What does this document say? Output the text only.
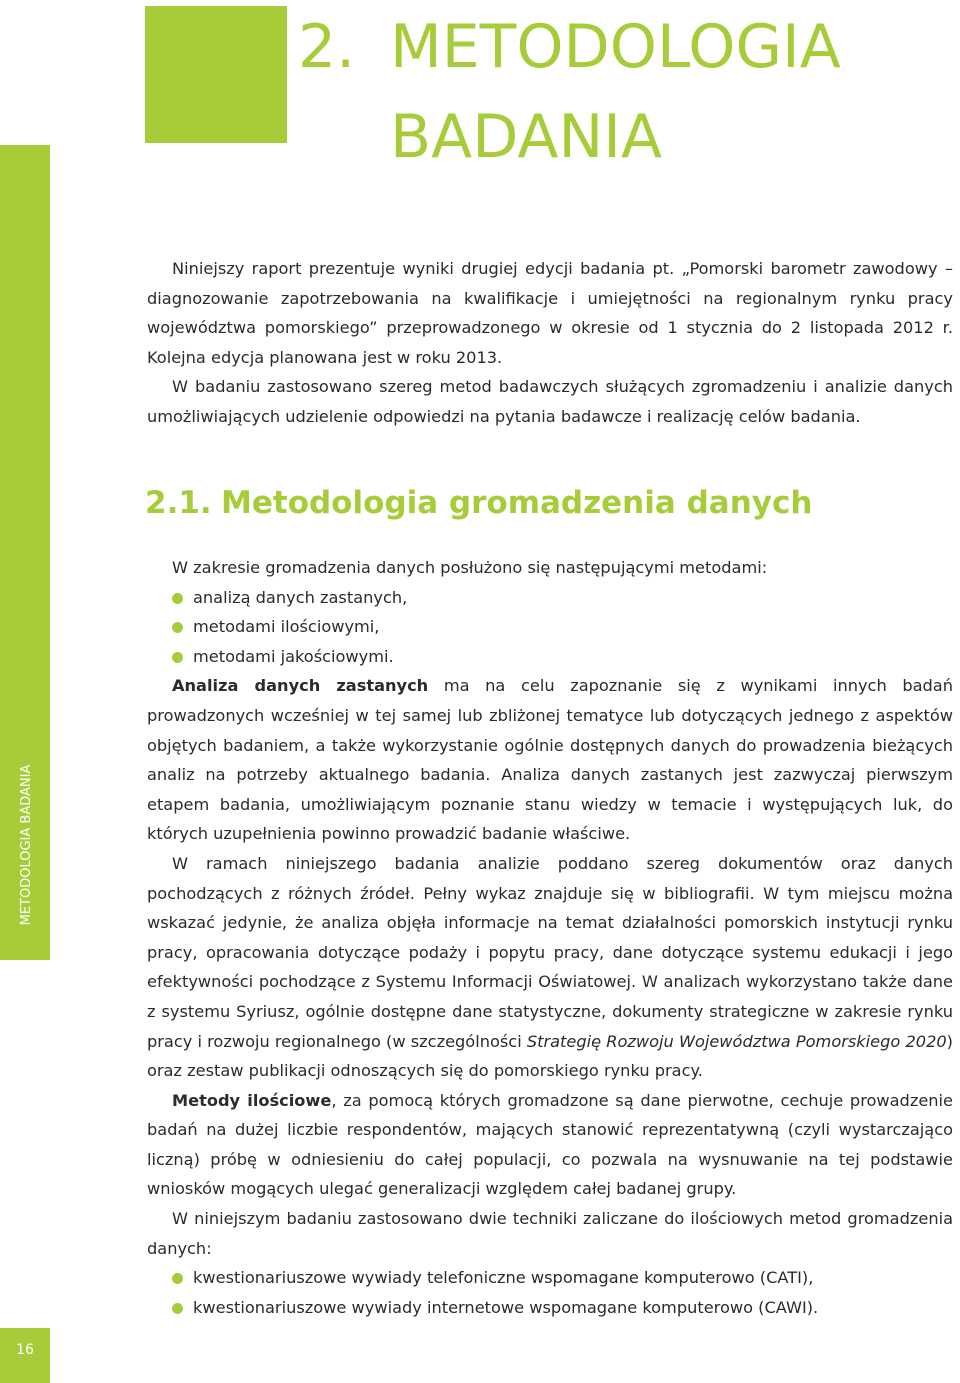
METODOLOGIA BADANIA
16
2. METODOLOGIA
BADANIA

Niniejszy raport prezentuje wyniki drugiej edycji badania pt. „Pomorski barometr zawodowy – diagnozowanie zapotrzebowania na kwalifikacje i umiejętności na regionalnym rynku pracy województwa pomorskiego” przeprowadzonego w okresie od 1 stycznia do 2 listopada 2012 r. Kolejna edycja planowana jest w roku 2013.

W badaniu zastosowano szereg metod badawczych służących zgromadzeniu i analizie danych umożliwiających udzielenie odpowiedzi na pytania badawcze i realizację celów badania.

2.1. Metodologia gromadzenia danych

W zakresie gromadzenia danych posłużono się następującymi metodami:

analizą danych zastanych,
metodami ilościowymi,
metodami jakościowymi.

Analiza danych zastanych ma na celu zapoznanie się z wynikami innych badań prowadzonych wcześniej w tej samej lub zbliżonej tematyce lub dotyczących jednego z aspektów objętych badaniem, a także wykorzystanie ogólnie dostępnych danych do prowadzenia bieżących analiz na potrzeby aktualnego badania. Analiza danych zastanych jest zazwyczaj pierwszym etapem badania, umożliwiającym poznanie stanu wiedzy w temacie i występujących luk, do których uzupełnienia powinno prowadzić badanie właściwe.

W ramach niniejszego badania analizie poddano szereg dokumentów oraz danych pochodzących z różnych źródeł. Pełny wykaz znajduje się w bibliografii. W tym miejscu można wskazać jedynie, że analiza objęła informacje na temat działalności pomorskich instytucji rynku pracy, opracowania dotyczące podaży i popytu pracy, dane dotyczące systemu edukacji i jego efektywności pochodzące z Systemu Informacji Oświatowej. W analizach wykorzystano także dane z systemu Syriusz, ogólnie dostępne dane statystyczne, dokumenty strategiczne w zakresie rynku pracy i rozwoju regionalnego (w szczególności Strategię Rozwoju Województwa Pomorskiego 2020) oraz zestaw publikacji odnoszących się do pomorskiego rynku pracy.

Metody ilościowe, za pomocą których gromadzone są dane pierwotne, cechuje prowadzenie badań na dużej liczbie respondentów, mających stanowić reprezentatywną (czyli wystarczająco liczną) próbę w odniesieniu do całej populacji, co pozwala na wysnuwanie na tej podstawie wniosków mogących ulegać generalizacji względem całej badanej grupy.

W niniejszym badaniu zastosowano dwie techniki zaliczane do ilościowych metod gromadzenia danych:

kwestionariuszowe wywiady telefoniczne wspomagane komputerowo (CATI),
kwestionariuszowe wywiady internetowe wspomagane komputerowo (CAWI).
